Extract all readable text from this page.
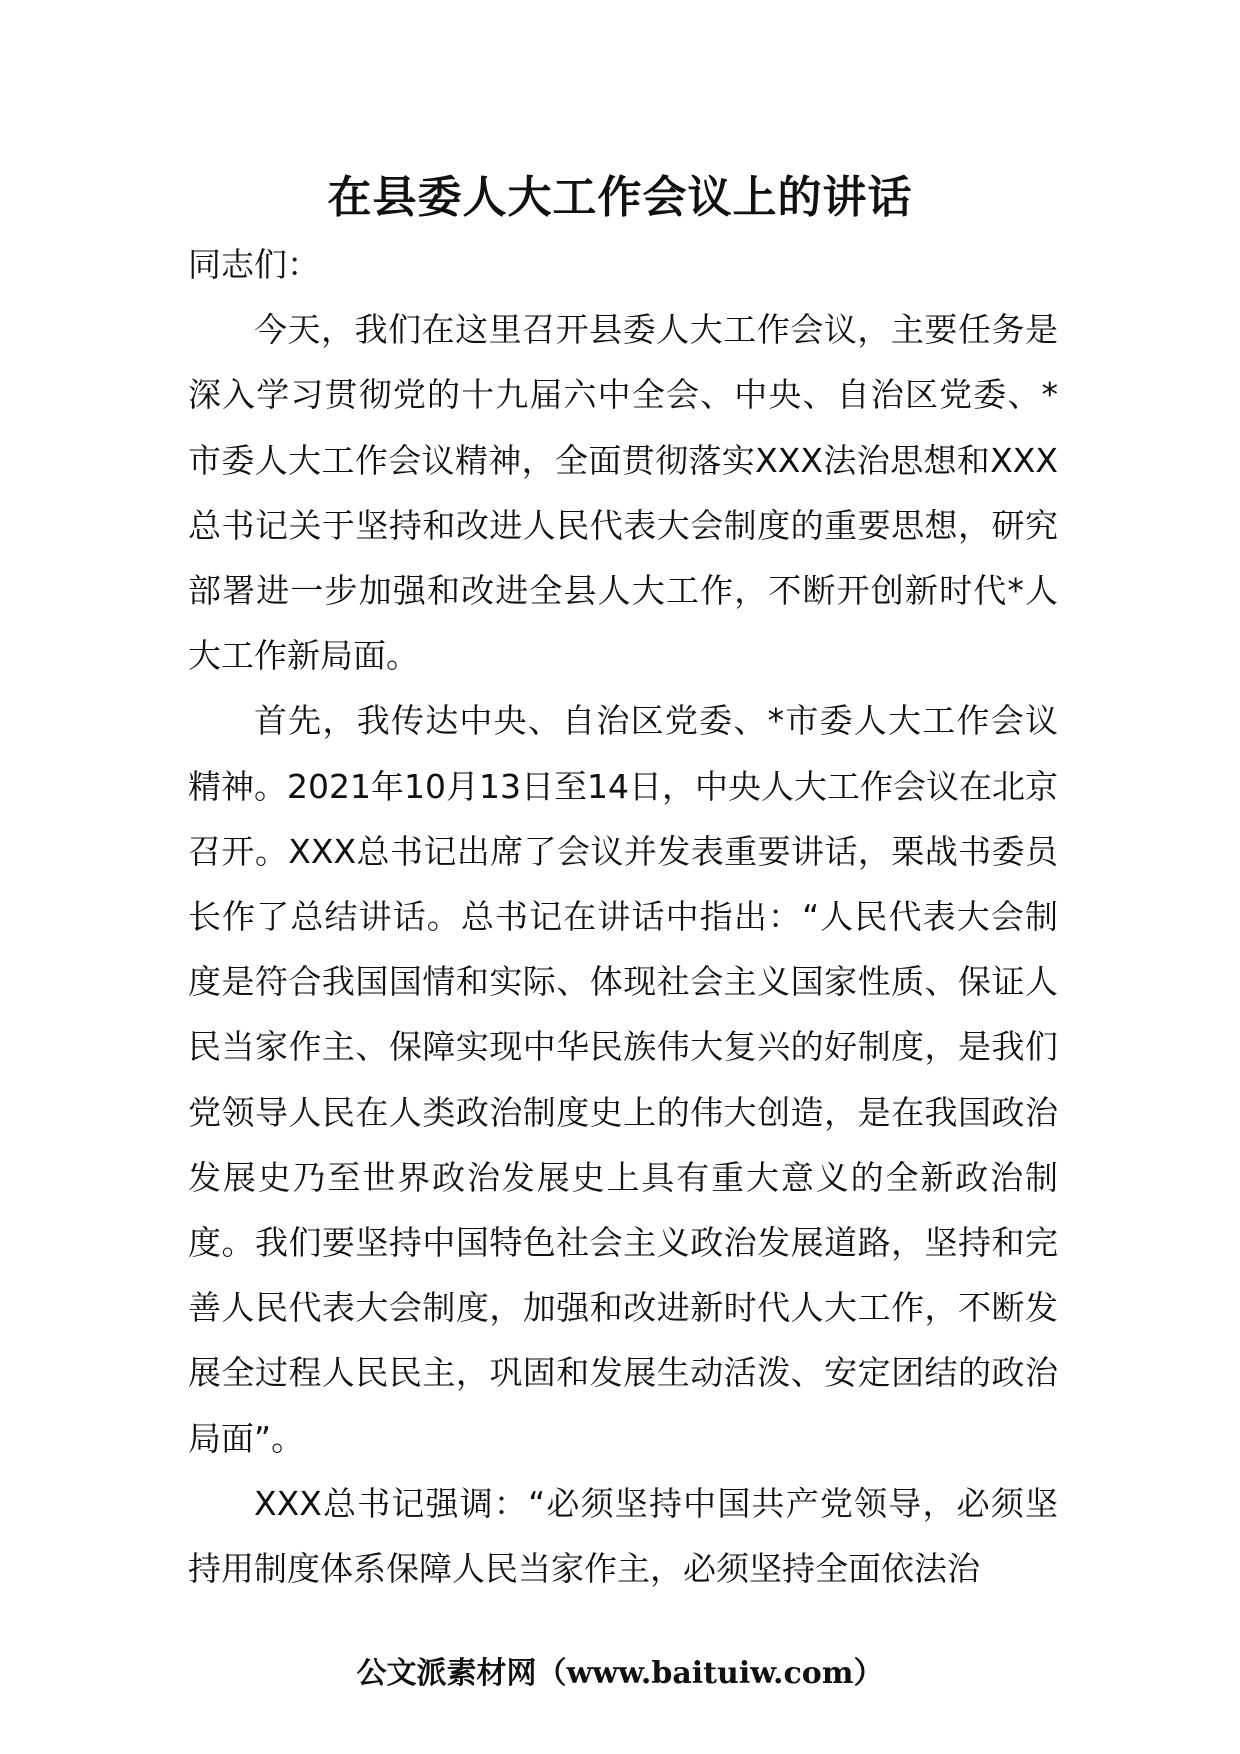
在县委人大工作会议上的讲话

同志们：

今天，我们在这里召开县委人大工作会议，主要任务是深入学习贯彻党的十九届六中全会、中央、自治区党委、*市委人大工作会议精神，全面贯彻落实XXX法治思想和XXX总书记关于坚持和改进人民代表大会制度的重要思想，研究部署进一步加强和改进全县人大工作，不断开创新时代*人大工作新局面。

首先，我传达中央、自治区党委、*市委人大工作会议精神。2021年10月13日至14日，中央人大工作会议在北京召开。XXX总书记出席了会议并发表重要讲话，栗战书委员长作了总结讲话。总书记在讲话中指出：“人民代表大会制度是符合我国国情和实际、体现社会主义国家性质、保证人民当家作主、保障实现中华民族伟大复兴的好制度，是我们党领导人民在人类政治制度史上的伟大创造，是在我国政治发展史乃至世界政治发展史上具有重大意义的全新政治制度。我们要坚持中国特色社会主义政治发展道路，坚持和完善人民代表大会制度，加强和改进新时代人大工作，不断发展全过程人民民主，巩固和发展生动活泼、安定团结的政治局面”。

XXX总书记强调：“必须坚持中国共产党领导，必须坚持用制度体系保障人民当家作主，必须坚持全面依法治

公文派素材网（www.baituiw.com）
